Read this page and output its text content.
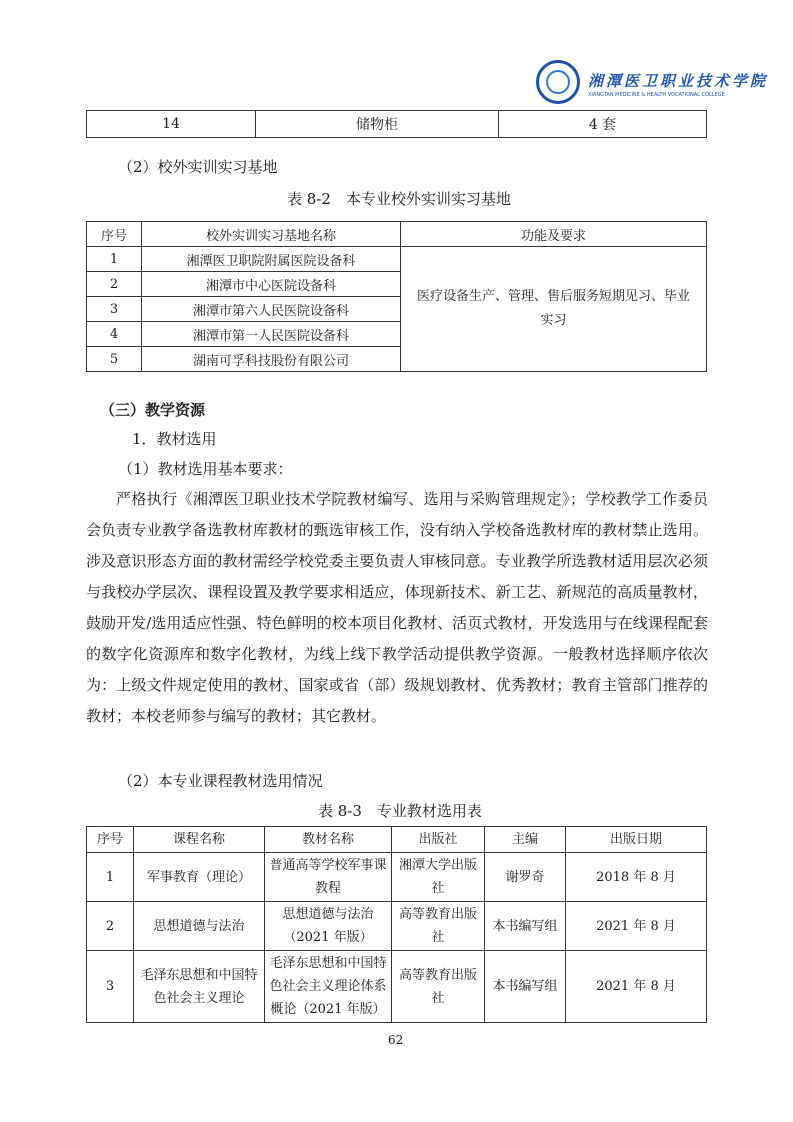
湘潭医卫职业技术学院
XIANGTAN MEDICINE & HEALTH VOCATIONAL COLLEGE
14	储物柜	4 套
（2）校外实训实习基地
表 8-2　本专业校外实训实习基地
序号	校外实训实习基地名称	功能及要求
1	湘潭医卫职院附属医院设备科	医疗设备生产、管理、售后服务短期见习、毕业实习
2	湘潭市中心医院设备科	
3	湘潭市第六人民医院设备科	
4	湘潭市第一人民医院设备科	
5	湖南可孚科技股份有限公司	
（三）教学资源
1．教材选用
（1）教材选用基本要求：
严格执行《湘潭医卫职业技术学院教材编写、选用与采购管理规定》；学校教学工作委员会负责专业教学备选教材库教材的甄选审核工作，没有纳入学校备选教材库的教材禁止选用。涉及意识形态方面的教材需经学校党委主要负责人审核同意。专业教学所选教材适用层次必须与我校办学层次、课程设置及教学要求相适应，体现新技术、新工艺、新规范的高质量教材，鼓励开发/选用适应性强、特色鲜明的校本项目化教材、活页式教材，开发选用与在线课程配套的数字化资源库和数字化教材，为线上线下教学活动提供教学资源。一般教材选择顺序依次为：上级文件规定使用的教材、国家或省（部）级规划教材、优秀教材；教育主管部门推荐的教材；本校老师参与编写的教材；其它教材。
（2）本专业课程教材选用情况
表 8-3　专业教材选用表
序号	课程名称	教材名称	出版社	主编	出版日期
1	军事教育（理论）	普通高等学校军事课教程	湘潭大学出版社	谢罗奇	2018 年 8 月
2	思想道德与法治	思想道德与法治（2021 年版）	高等教育出版社	本书编写组	2021 年 8 月
3	毛泽东思想和中国特色社会主义理论	毛泽东思想和中国特色社会主义理论体系概论（2021 年版）	高等教育出版社	本书编写组	2021 年 8 月
62
